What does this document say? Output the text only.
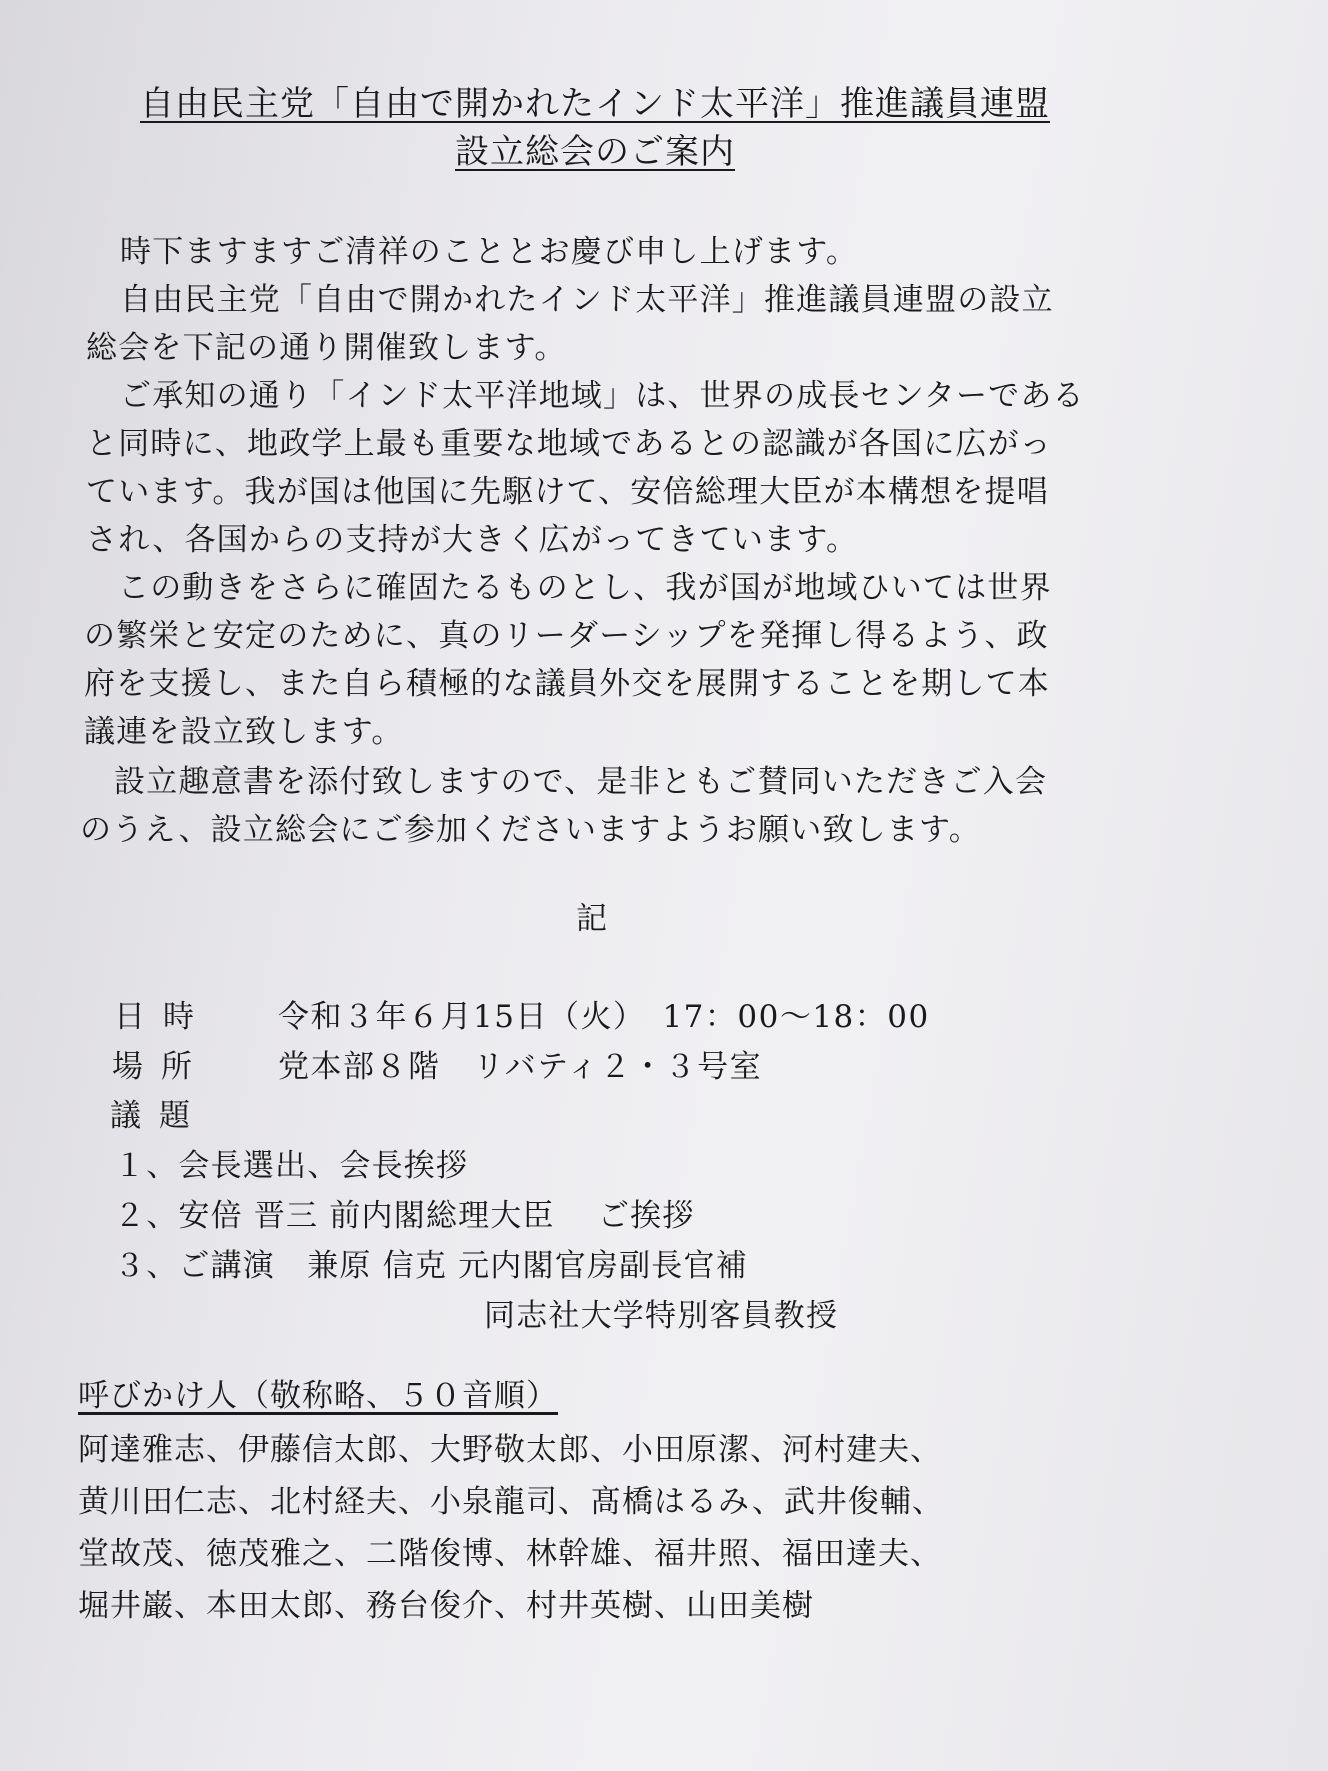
自由民主党「自由で開かれたインド太平洋」推進議員連盟
設立総会のご案内
時下ますますご清祥のこととお慶び申し上げます。
自由民主党「自由で開かれたインド太平洋」推進議員連盟の設立
総会を下記の通り開催致します。
ご承知の通り「インド太平洋地域」は、世界の成長センターである
と同時に、地政学上最も重要な地域であるとの認識が各国に広がっ
ています。我が国は他国に先駆けて、安倍総理大臣が本構想を提唱
され、各国からの支持が大きく広がってきています。
この動きをさらに確固たるものとし、我が国が地域ひいては世界
の繁栄と安定のために、真のリーダーシップを発揮し得るよう、政
府を支援し、また自ら積極的な議員外交を展開することを期して本
議連を設立致します。
設立趣意書を添付致しますので、是非ともご賛同いただきご入会
のうえ、設立総会にご参加くださいますようお願い致します。
記
日時 令和３年６月15日（火）　17：00〜18：00
場所 党本部８階　リバティ２・３号室
議題
１、会長選出、会長挨拶
２、安倍 晋三 前内閣総理大臣　 ご挨拶
３、ご講演　兼原 信克 元内閣官房副長官補
同志社大学特別客員教授
呼びかけ人（敬称略、５０音順）
阿達雅志、伊藤信太郎、大野敬太郎、小田原潔、河村建夫、
黄川田仁志、北村経夫、小泉龍司、髙橋はるみ、武井俊輔、
堂故茂、徳茂雅之、二階俊博、林幹雄、福井照、福田達夫、
堀井巌、本田太郎、務台俊介、村井英樹、山田美樹
